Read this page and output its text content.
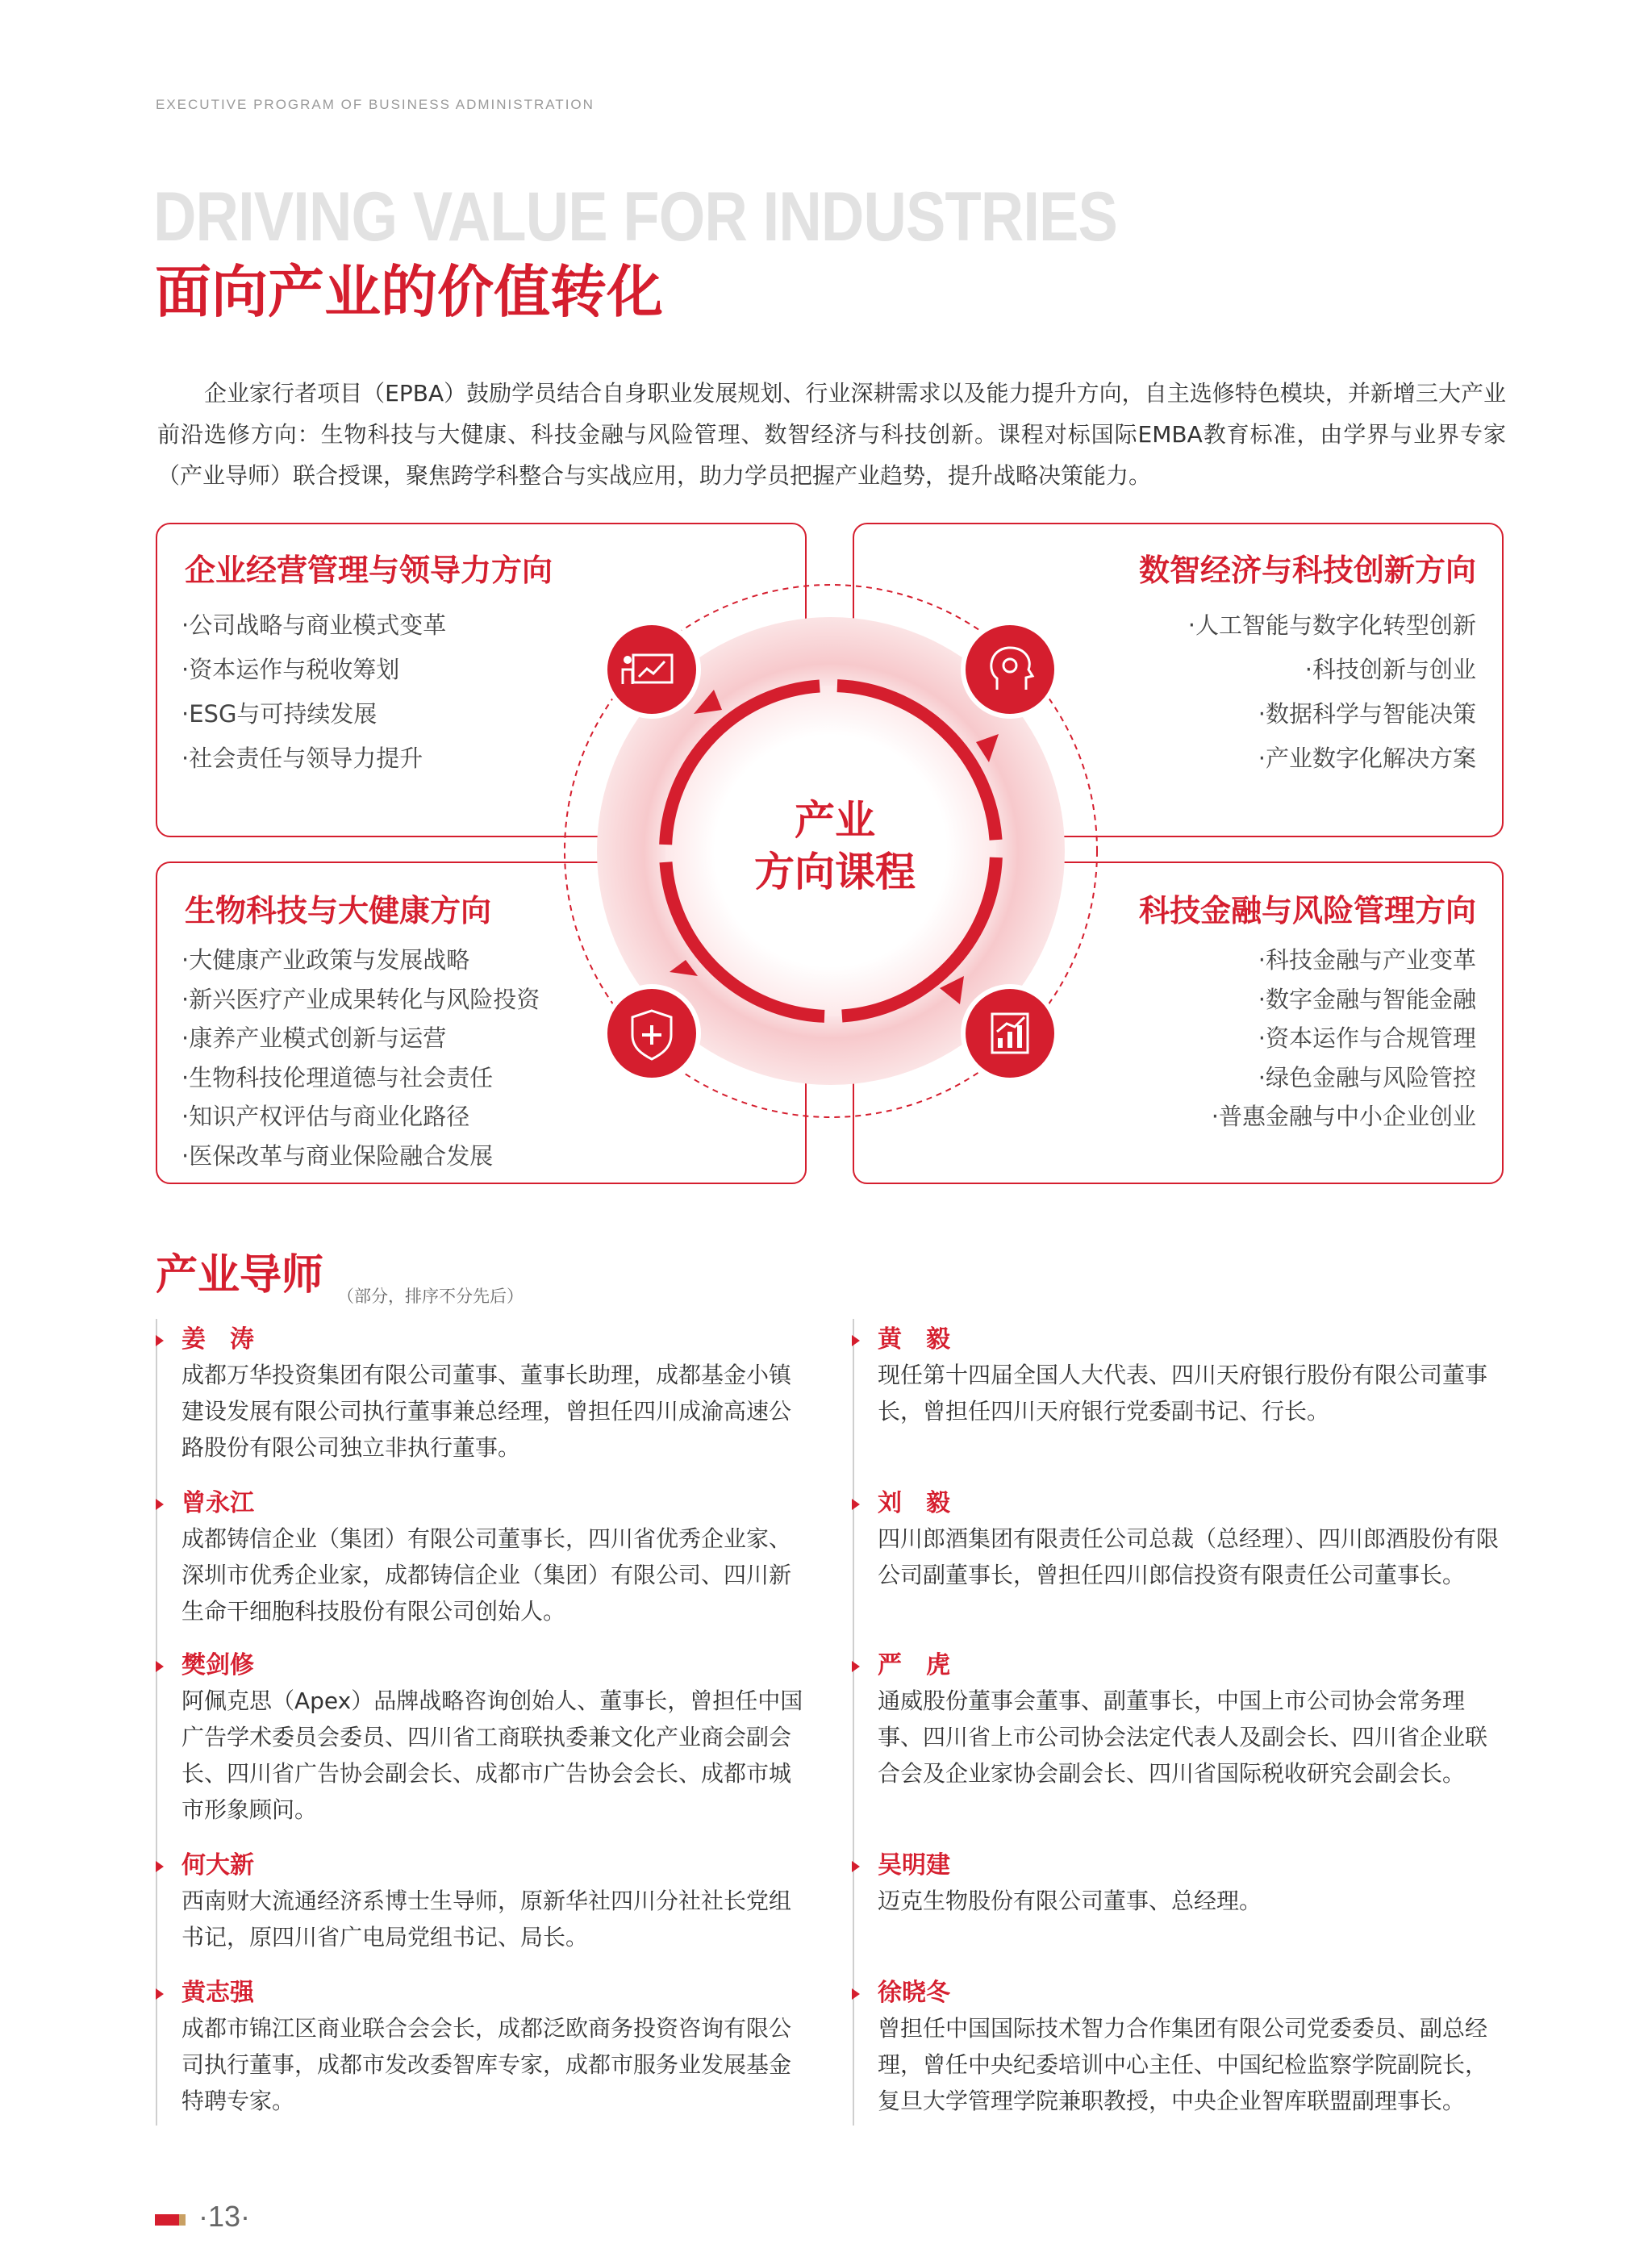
EXECUTIVE PROGRAM OF BUSINESS ADMINISTRATION
DRIVING VALUE FOR INDUSTRIES
面向产业的价值转化
企业家行者项目（EPBA）鼓励学员结合自身职业发展规划、行业深耕需求以及能力提升方向，自主选修特色模块，并新增三大产业前沿选修方向：生物科技与大健康、科技金融与风险管理、数智经济与科技创新。课程对标国际EMBA教育标准，由学界与业界专家（产业导师）联合授课，聚焦跨学科整合与实战应用，助力学员把握产业趋势，提升战略决策能力。
企业经营管理与领导力方向
·公司战略与商业模式变革
·资本运作与税收筹划
·ESG与可持续发展
·社会责任与领导力提升
数智经济与科技创新方向
·人工智能与数字化转型创新
·科技创新与创业
·数据科学与智能决策
·产业数字化解决方案
生物科技与大健康方向
·大健康产业政策与发展战略
·新兴医疗产业成果转化与风险投资
·康养产业模式创新与运营
·生物科技伦理道德与社会责任
·知识产权评估与商业化路径
·医保改革与商业保险融合发展
科技金融与风险管理方向
·科技金融与产业变革
·数字金融与智能金融
·资本运作与合规管理
·绿色金融与风险管控
·普惠金融与中小企业创业
产业
方向课程
产业导师 （部分，排序不分先后）
姜　涛
成都万华投资集团有限公司董事、董事长助理，成都基金小镇建设发展有限公司执行董事兼总经理，曾担任四川成渝高速公路股份有限公司独立非执行董事。
曾永江
成都铸信企业（集团）有限公司董事长，四川省优秀企业家、深圳市优秀企业家，成都铸信企业（集团）有限公司、四川新生命干细胞科技股份有限公司创始人。
樊剑修
阿佩克思（Apex）品牌战略咨询创始人、董事长，曾担任中国广告学术委员会委员、四川省工商联执委兼文化产业商会副会长、四川省广告协会副会长、成都市广告协会会长、成都市城市形象顾问。
何大新
西南财大流通经济系博士生导师，原新华社四川分社社长党组书记，原四川省广电局党组书记、局长。
黄志强
成都市锦江区商业联合会会长，成都泛欧商务投资咨询有限公司执行董事，成都市发改委智库专家，成都市服务业发展基金特聘专家。
黄　毅
现任第十四届全国人大代表、四川天府银行股份有限公司董事长，曾担任四川天府银行党委副书记、行长。
刘　毅
四川郎酒集团有限责任公司总裁（总经理）、四川郎酒股份有限公司副董事长，曾担任四川郎信投资有限责任公司董事长。
严　虎
通威股份董事会董事、副董事长，中国上市公司协会常务理事、四川省上市公司协会法定代表人及副会长、四川省企业联合会及企业家协会副会长、四川省国际税收研究会副会长。
吴明建
迈克生物股份有限公司董事、总经理。
徐晓冬
曾担任中国国际技术智力合作集团有限公司党委委员、副总经理，曾任中央纪委培训中心主任、中国纪检监察学院副院长，复旦大学管理学院兼职教授，中央企业智库联盟副理事长。
·13·
